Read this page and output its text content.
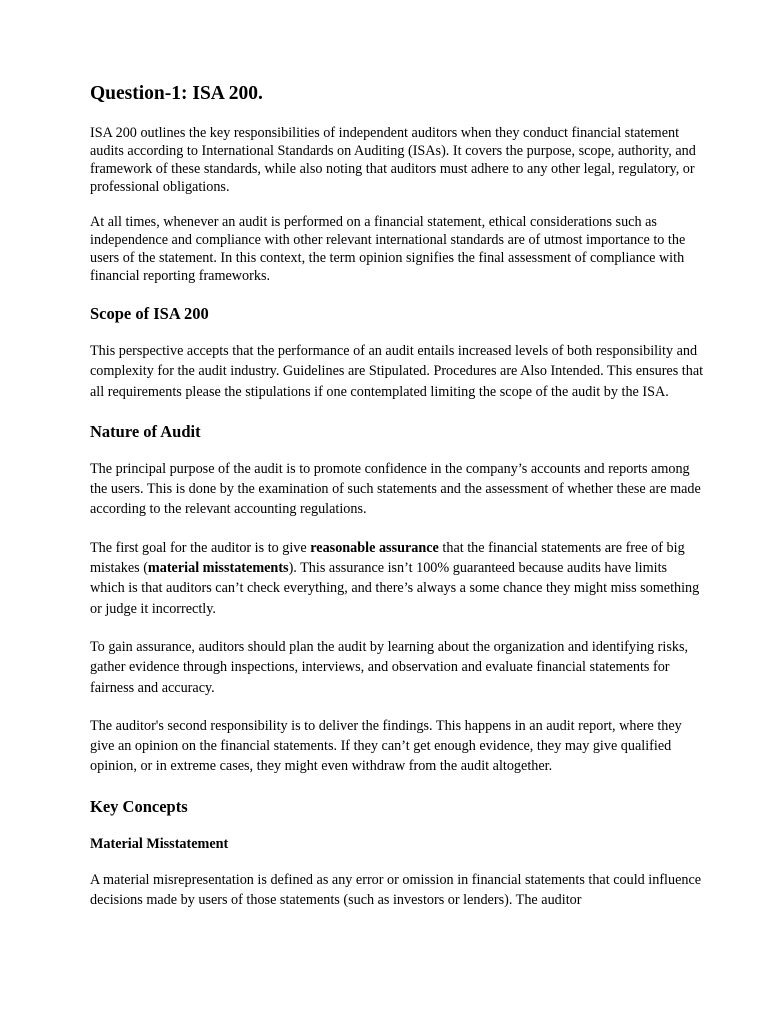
Question-1: ISA 200.

ISA 200 outlines the key responsibilities of independent auditors when they conduct financial statement audits according to International Standards on Auditing (ISAs). It covers the purpose, scope, authority, and framework of these standards, while also noting that auditors must adhere to any other legal, regulatory, or professional obligations.

At all times, whenever an audit is performed on a financial statement, ethical considerations such as independence and compliance with other relevant international standards are of utmost importance to the users of the statement. In this context, the term opinion signifies the final assessment of compliance with financial reporting frameworks.

Scope of ISA 200

This perspective accepts that the performance of an audit entails increased levels of both responsibility and complexity for the audit industry. Guidelines are Stipulated. Procedures are Also Intended. This ensures that all requirements please the stipulations if one contemplated limiting the scope of the audit by the ISA.

Nature of Audit

The principal purpose of the audit is to promote confidence in the company’s accounts and reports among the users. This is done by the examination of such statements and the assessment of whether these are made according to the relevant accounting regulations.

The first goal for the auditor is to give reasonable assurance that the financial statements are free of big mistakes (material misstatements). This assurance isn’t 100% guaranteed because audits have limits which is that auditors can’t check everything, and there’s always a some chance they might miss something or judge it incorrectly.

To gain assurance, auditors should plan the audit by learning about the organization and identifying risks, gather evidence through inspections, interviews, and observation and evaluate financial statements for fairness and accuracy.

The auditor's second responsibility is to deliver the findings. This happens in an audit report, where they give an opinion on the financial statements. If they can’t get enough evidence, they may give qualified opinion, or in extreme cases, they might even withdraw from the audit altogether.

Key Concepts
Material Misstatement

A material misrepresentation is defined as any error or omission in financial statements that could influence decisions made by users of those statements (such as investors or lenders). The auditor
